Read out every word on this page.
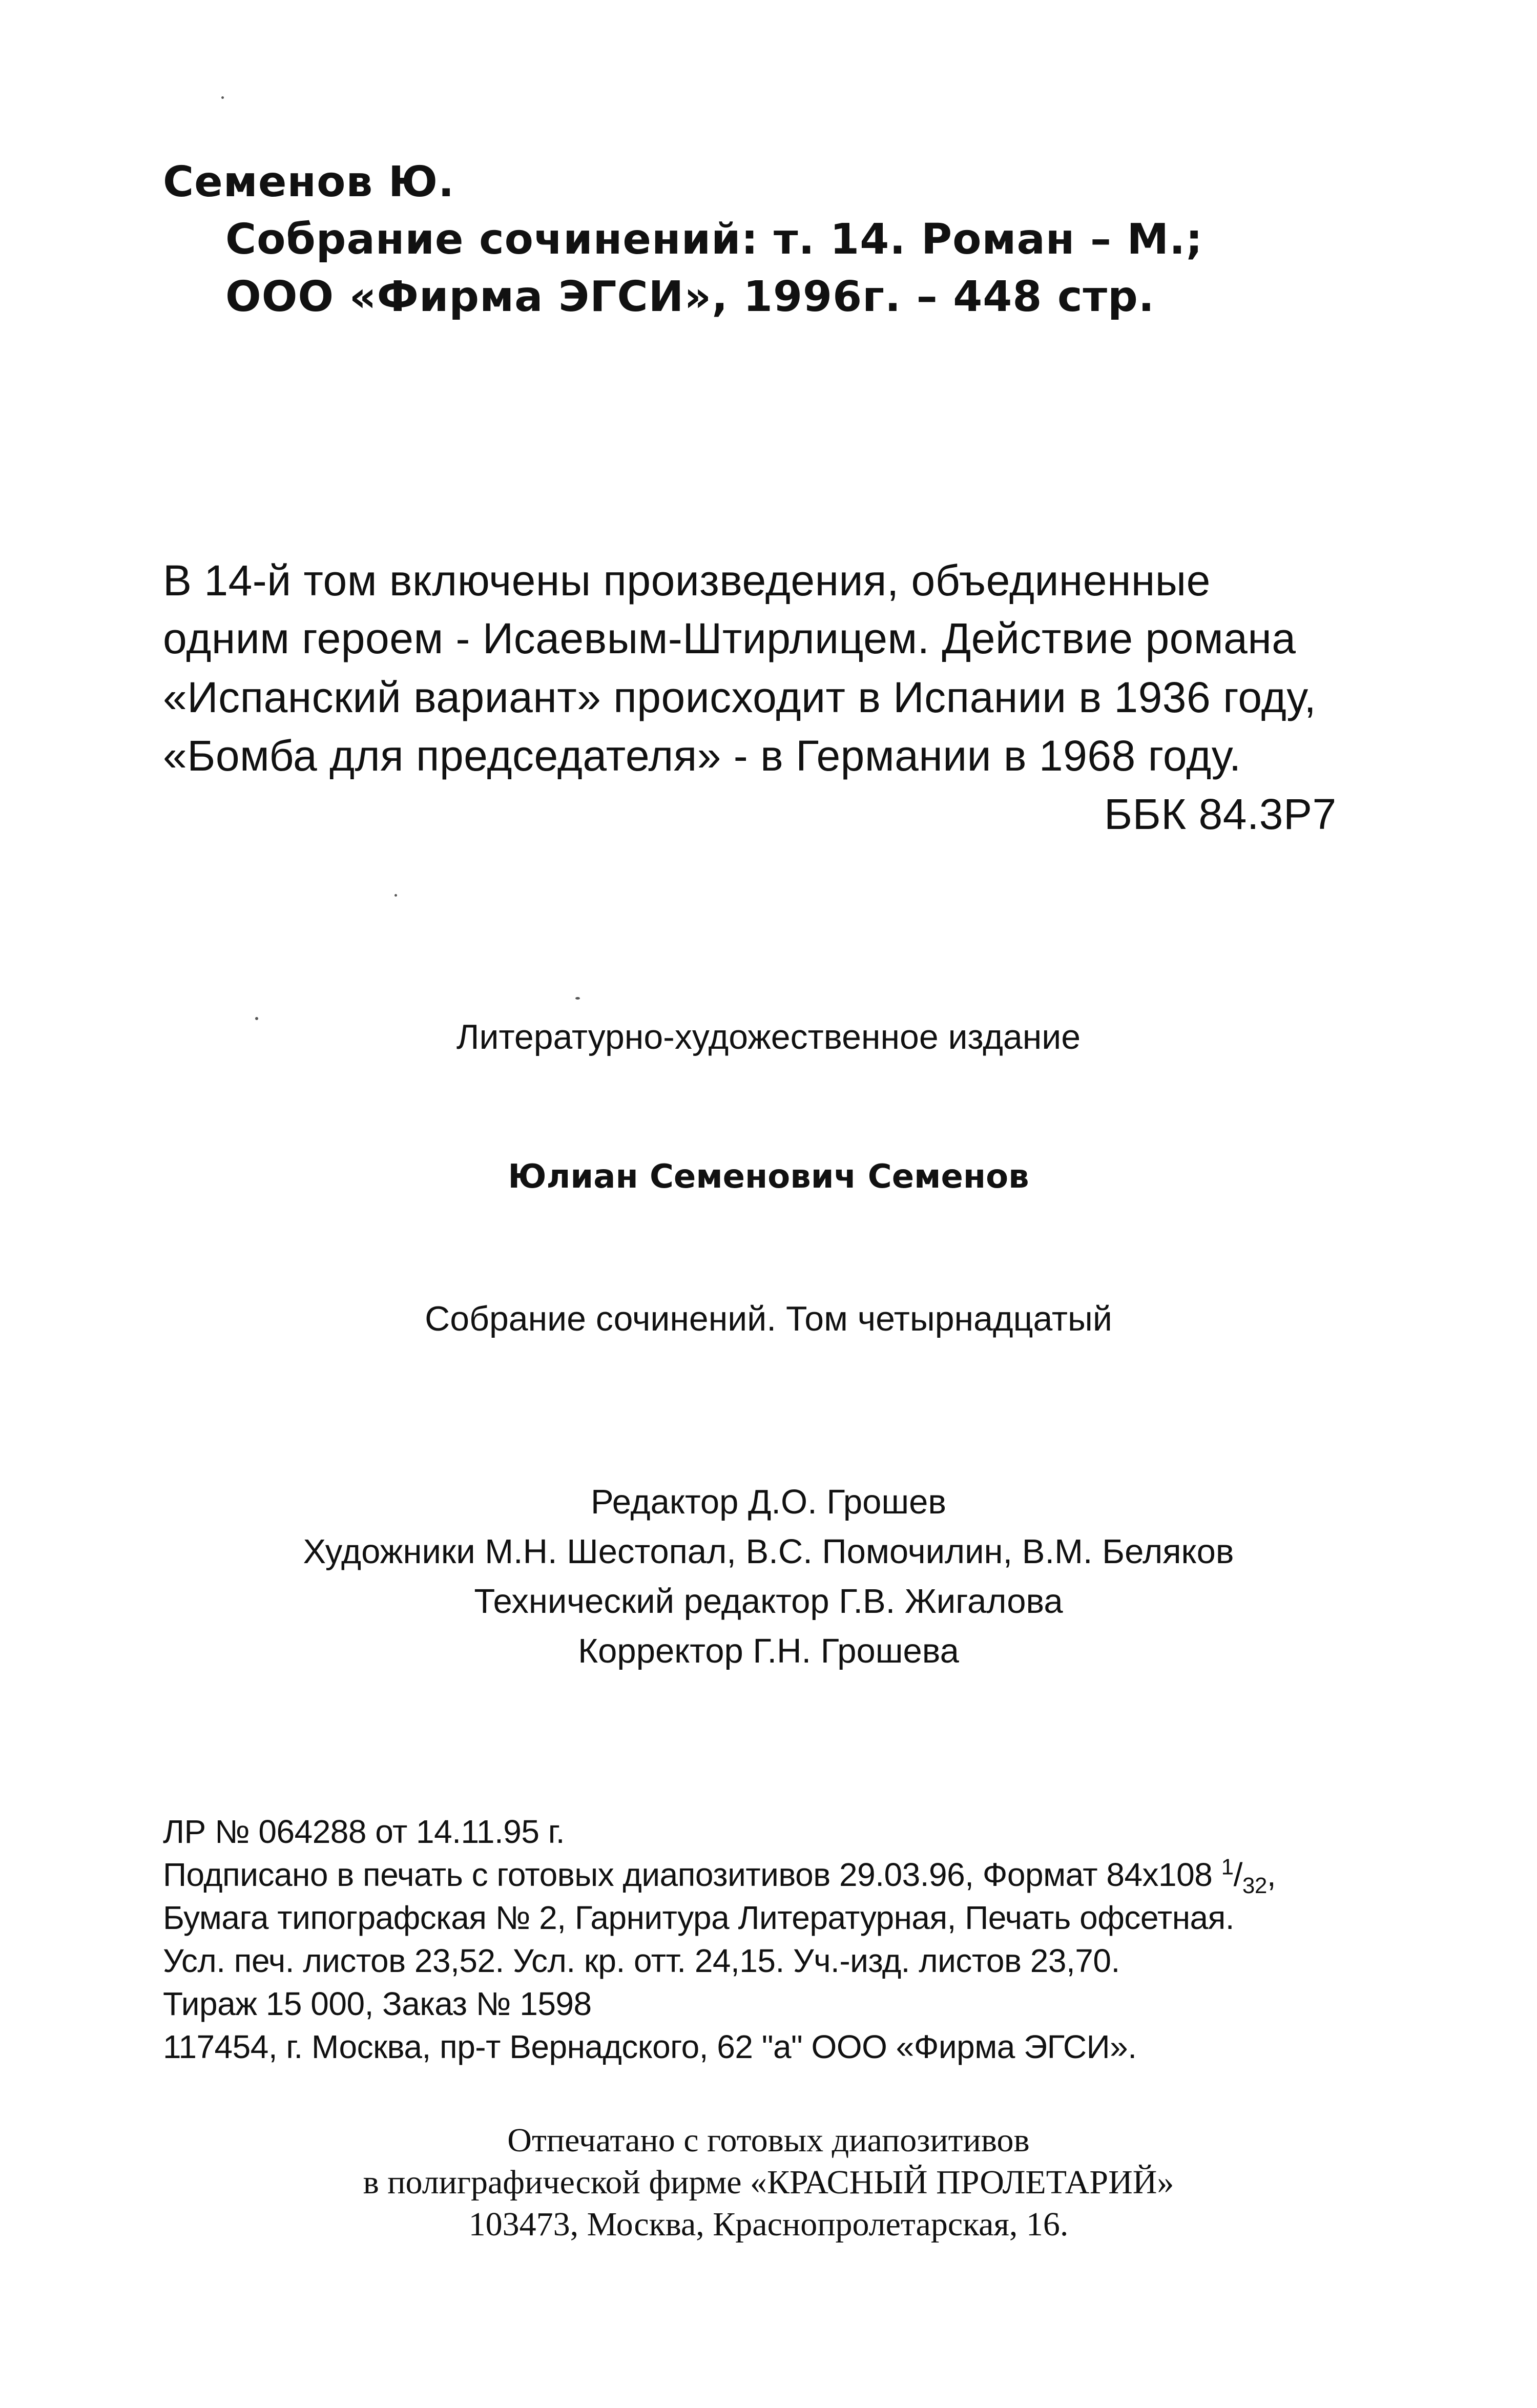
Семенов Ю.
Собрание сочинений: т. 14. Роман – М.;
ООО «Фирма ЭГСИ», 1996г. – 448 стр.
В 14-й том включены произведения, объединенные
одним героем - Исаевым-Штирлицем. Действие романа
«Испанский вариант» происходит в Испании в 1936 году,
«Бомба для председателя» - в Германии в 1968 году.
ББК 84.3Р7
Литературно-художественное издание
Юлиан Семенович Семенов
Собрание сочинений. Том четырнадцатый
Редактор Д.О. Грошев
Художники М.Н. Шестопал, В.С. Помочилин, В.М. Беляков
Технический редактор Г.В. Жигалова
Корректор Г.Н. Грошева
ЛР № 064288 от 14.11.95 г.
Подписано в печать с готовых диапозитивов 29.03.96, Формат 84х108 $^1/_{32}$,
Бумага типографская № 2, Гарнитура Литературная, Печать офсетная.
Усл. печ. листов 23,52. Усл. кр. отт. 24,15. Уч.-изд. листов 23,70.
Тираж 15 000, Заказ № 1598
117454, г. Москва, пр-т Вернадского, 62 "а" ООО «Фирма ЭГСИ».
Отпечатано с готовых диапозитивов
в полиграфической фирме «КРАСНЫЙ ПРОЛЕТАРИЙ»
103473, Москва, Краснопролетарская, 16.
